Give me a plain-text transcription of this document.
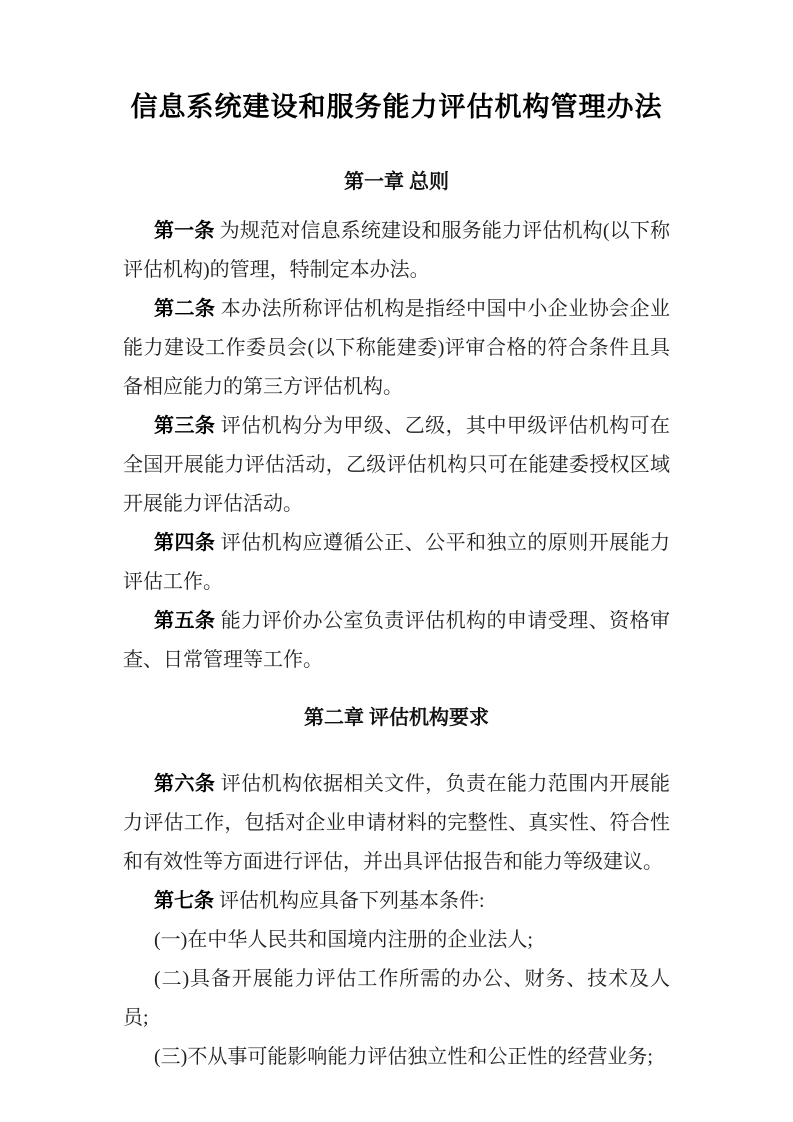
信息系统建设和服务能力评估机构管理办法
第一章 总则

第一条 为规范对信息系统建设和服务能力评估机构(以下称评估机构)的管理，特制定本办法。

第二条 本办法所称评估机构是指经中国中小企业协会企业能力建设工作委员会(以下称能建委)评审合格的符合条件且具备相应能力的第三方评估机构。

第三条 评估机构分为甲级、乙级，其中甲级评估机构可在全国开展能力评估活动，乙级评估机构只可在能建委授权区域开展能力评估活动。

第四条 评估机构应遵循公正、公平和独立的原则开展能力评估工作。

第五条 能力评价办公室负责评估机构的申请受理、资格审查、日常管理等工作。

第二章 评估机构要求

第六条 评估机构依据相关文件，负责在能力范围内开展能力评估工作，包括对企业申请材料的完整性、真实性、符合性和有效性等方面进行评估，并出具评估报告和能力等级建议。

第七条 评估机构应具备下列基本条件:

(一)在中华人民共和国境内注册的企业法人;

(二)具备开展能力评估工作所需的办公、财务、技术及人员;

(三)不从事可能影响能力评估独立性和公正性的经营业务;
